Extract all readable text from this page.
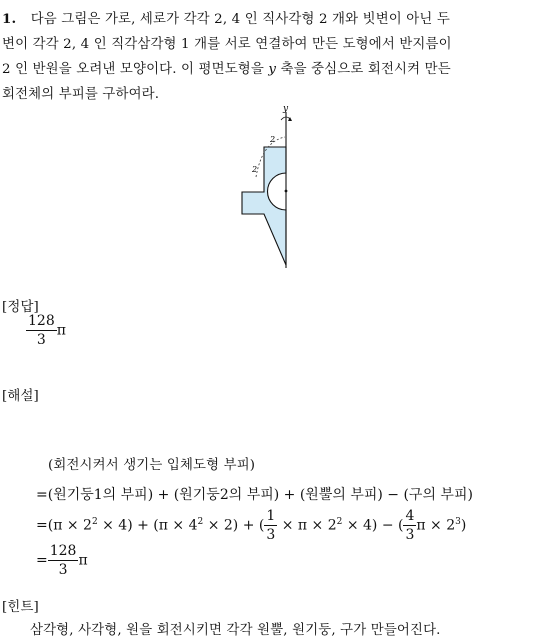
1. 다음 그림은 가로, 세로가 각각 2, 4 인 직사각형 2 개와 빗변이 아닌 두
변이 각각 2, 4 인 직각삼각형 1 개를 서로 연결하여 만든 도형에서 반지름이
2 인 반원을 오려낸 모양이다. 이 평면도형을 y 축을 중심으로 회전시켜 만든
회전체의 부피를 구하여라.
y
2
2
[정답]
$\frac{128}{3}$ π
[해설]
(회전시켜서 생기는 입체도형 부피)
=(원기둥1의 부피) + (원기둥2의 부피) + (원뿔의 부피) − (구의 부피)
$=(\pi \times 2^2 \times 4) + (\pi \times 4^2 \times 2)$ + ( $\frac{1}{3} \times \pi \times 2^2 \times 4$) − ( $\frac{4}{3}$ $\pi \times 2^3$)
= $\frac{128}{3}$ π
[힌트]
삼각형, 사각형, 원을 회전시키면 각각 원뿔, 원기둥, 구가 만들어진다.
